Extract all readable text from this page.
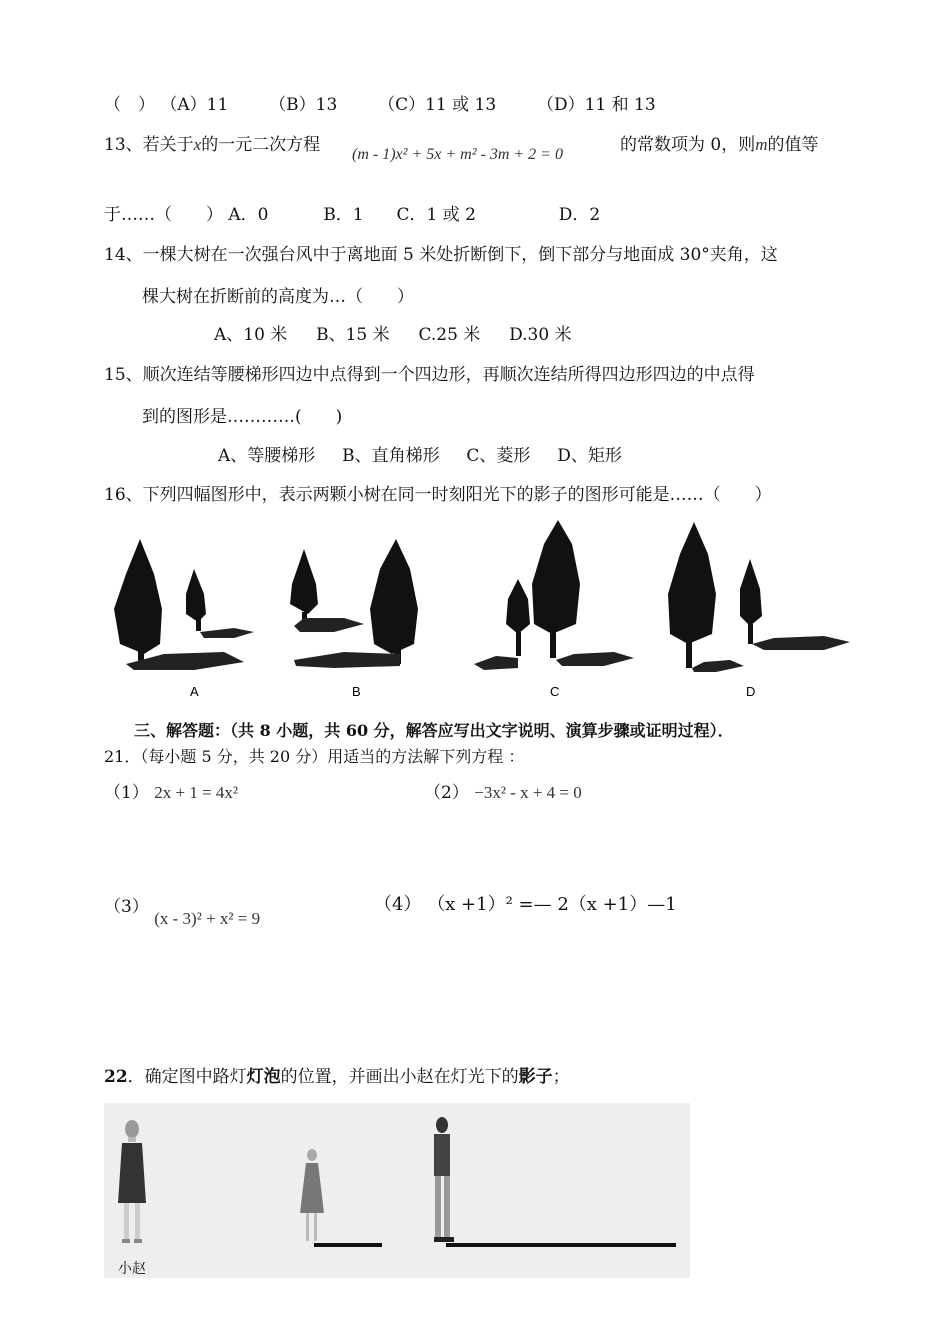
（　） （A）11 （B）13 （C）11 或 13 （D）11 和 13
13、若关于x的一元二次方程 (m - 1)x² + 5x + m² - 3m + 2 = 0	的常数项为 0，则m的值等
于……（　　） A．0	B．1 C．1 或 2	D．2
14、一棵大树在一次强台风中于离地面 5 米处折断倒下，倒下部分与地面成 30°夹角，这
棵大树在折断前的高度为…（　　）
A、10 米 B、15 米 C.25 米 D.30 米
15、顺次连结等腰梯形四边中点得到一个四边形，再顺次连结所得四边形四边的中点得
到的图形是…………(　　)
A、等腰梯形 B、直角梯形 C、菱形 D、矩形
16、下列四幅图形中，表示两颗小树在同一时刻阳光下的影子的图形可能是……（　　）
A	B	C	D
三、解答题：（共 8 小题，共 60 分，解答应写出文字说明、演算步骤或证明过程）．
21．（每小题 5 分，共 20 分）用适当的方法解下列方程 ：
（1） 2x + 1 = 4x²	（2） −3x² - x + 4 = 0
（3） (x - 3)² + x² = 9
（4） （x +1）² =— 2（x +1）—1
22．确定图中路灯灯泡的位置，并画出小赵在灯光下的影子；
小赵
